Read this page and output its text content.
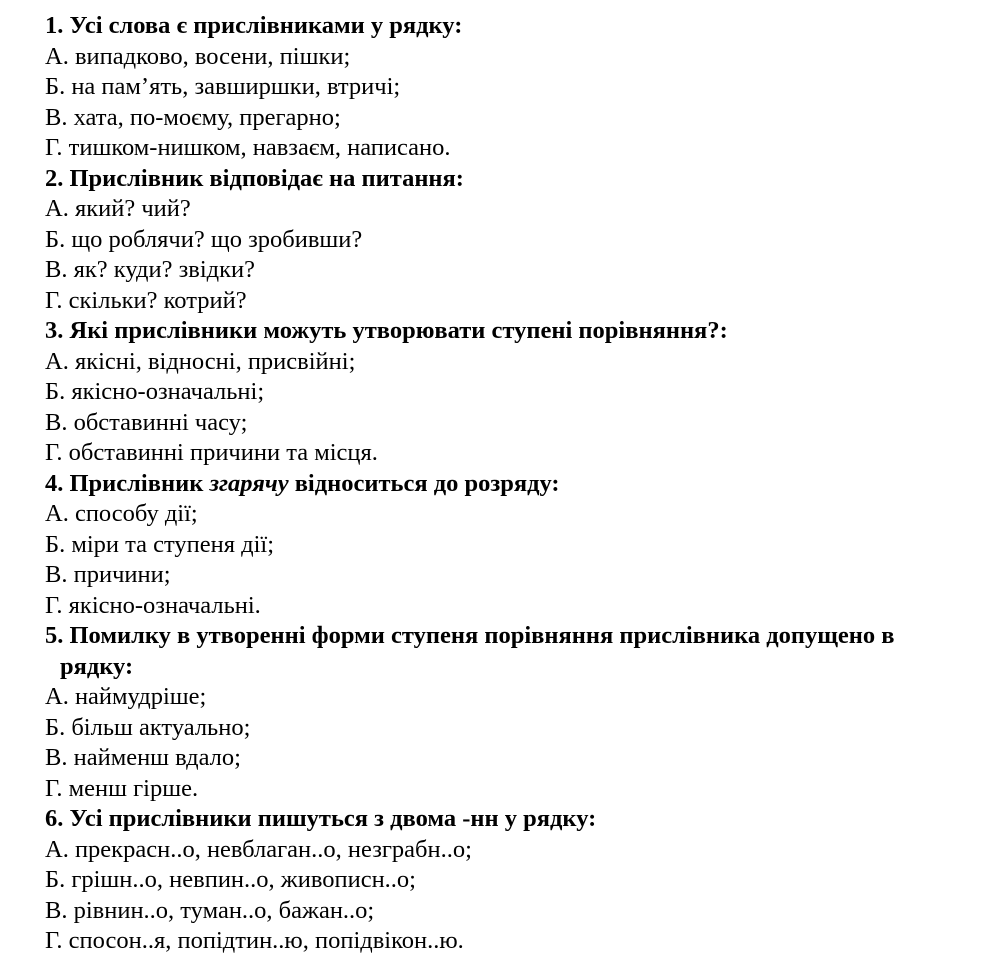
1. Усі слова є прислівниками у рядку:
А. випадково, восени, пішки;
Б. на пам’ять, завширшки, втричі;
В. хата, по-моєму, прегарно;
Г. тишком-нишком, навзаєм, написано.
2. Прислівник відповідає на питання:
А. який? чий?
Б. що роблячи? що зробивши?
В. як? куди? звідки?
Г. скільки? котрий?
3. Які прислівники можуть утворювати ступені порівняння?:
А. якісні, відносні, присвійні;
Б. якісно-означальні;
В. обставинні часу;
Г. обставинні причини та місця.
4. Прислівник згарячу відноситься до розряду:
А. способу дії;
Б. міри та ступеня дії;
В. причини;
Г. якісно-означальні.
5. Помилку в утворенні форми ступеня порівняння прислівника допущено в
рядку:
А. наймудріше;
Б. більш актуально;
В. найменш вдало;
Г. менш гірше.
6. Усі прислівники пишуться з двома -нн у рядку:
А. прекрасн..о, невблаган..о, незграбн..о;
Б. грішн..о, невпин..о, живописн..о;
В. рівнин..о, туман..о, бажан..о;
Г. спосон..я, попідтин..ю, попідвікон..ю.
